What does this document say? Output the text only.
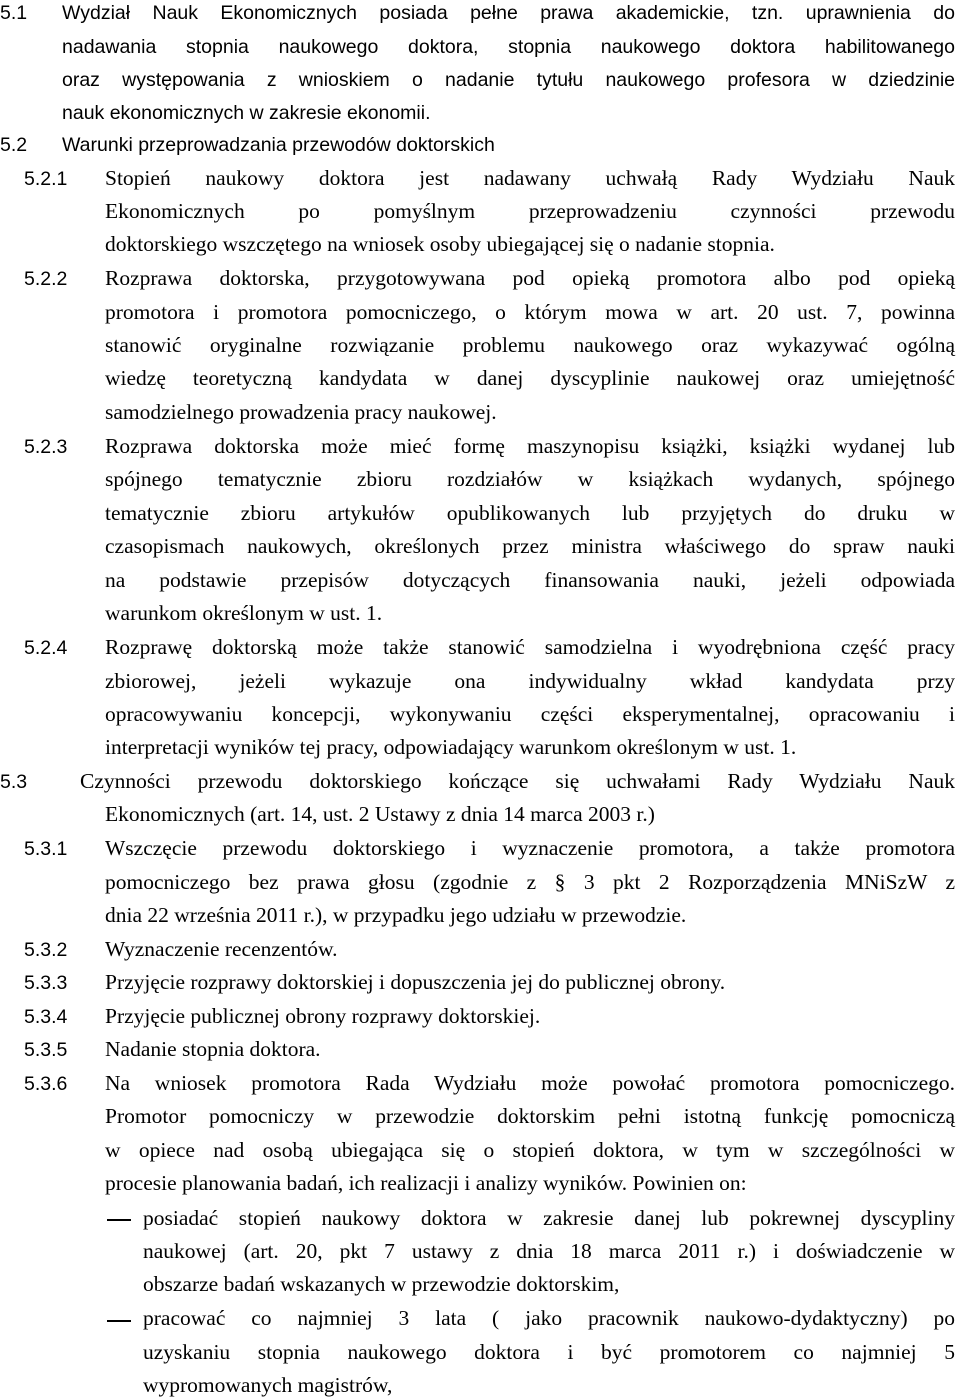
5.1 Wydział Nauk Ekonomicznych posiada pełne prawa akademickie, tzn. uprawnienia do
nadawania stopnia naukowego doktora, stopnia naukowego doktora habilitowanego
oraz występowania z wnioskiem o nadanie tytułu naukowego profesora w dziedzinie
nauk ekonomicznych w zakresie ekonomii.
5.2 Warunki przeprowadzania przewodów doktorskich
5.2.1 Stopień naukowy doktora jest nadawany uchwałą Rady Wydziału Nauk
Ekonomicznych po pomyślnym przeprowadzeniu czynności przewodu
doktorskiego wszczętego na wniosek osoby ubiegającej się o nadanie stopnia.
5.2.2 Rozprawa doktorska, przygotowywana pod opieką promotora albo pod opieką
promotora i promotora pomocniczego, o którym mowa w art. 20 ust. 7, powinna
stanowić oryginalne rozwiązanie problemu naukowego oraz wykazywać ogólną
wiedzę teoretyczną kandydata w danej dyscyplinie naukowej oraz umiejętność
samodzielnego prowadzenia pracy naukowej.
5.2.3 Rozprawa doktorska może mieć formę maszynopisu książki, książki wydanej lub
spójnego tematycznie zbioru rozdziałów w książkach wydanych, spójnego
tematycznie zbioru artykułów opublikowanych lub przyjętych do druku w
czasopismach naukowych, określonych przez ministra właściwego do spraw nauki
na podstawie przepisów dotyczących finansowania nauki, jeżeli odpowiada
warunkom określonym w ust. 1.
5.2.4 Rozprawę doktorską może także stanowić samodzielna i wyodrębniona część pracy
zbiorowej, jeżeli wykazuje ona indywidualny wkład kandydata przy
opracowywaniu koncepcji, wykonywaniu części eksperymentalnej, opracowaniu i
interpretacji wyników tej pracy, odpowiadający warunkom określonym w ust. 1.
5.3 Czynności przewodu doktorskiego kończące się uchwałami Rady Wydziału Nauk
Ekonomicznych (art. 14, ust. 2 Ustawy z dnia 14 marca 2003 r.)
5.3.1 Wszczęcie przewodu doktorskiego i wyznaczenie promotora, a także promotora
pomocniczego bez prawa głosu (zgodnie z § 3 pkt 2 Rozporządzenia MNiSzW z
dnia 22 września 2011 r.), w przypadku jego udziału w przewodzie.
5.3.2 Wyznaczenie recenzentów.
5.3.3 Przyjęcie rozprawy doktorskiej i dopuszczenia jej do publicznej obrony.
5.3.4 Przyjęcie publicznej obrony rozprawy doktorskiej.
5.3.5 Nadanie stopnia doktora.
5.3.6 Na wniosek promotora Rada Wydziału może powołać promotora pomocniczego.
Promotor pomocniczy w przewodzie doktorskim pełni istotną funkcję pomocniczą
w opiece nad osobą ubiegająca się o stopień doktora, w tym w szczególności w
procesie planowania badań, ich realizacji i analizy wyników. Powinien on:
posiadać stopień naukowy doktora w zakresie danej lub pokrewnej dyscypliny
naukowej (art. 20, pkt 7 ustawy z dnia 18 marca 2011 r.) i doświadczenie w
obszarze badań wskazanych w przewodzie doktorskim,
pracować co najmniej 3 lata ( jako pracownik naukowo-dydaktyczny) po
uzyskaniu stopnia naukowego doktora i być promotorem co najmniej 5
wypromowanych magistrów,
